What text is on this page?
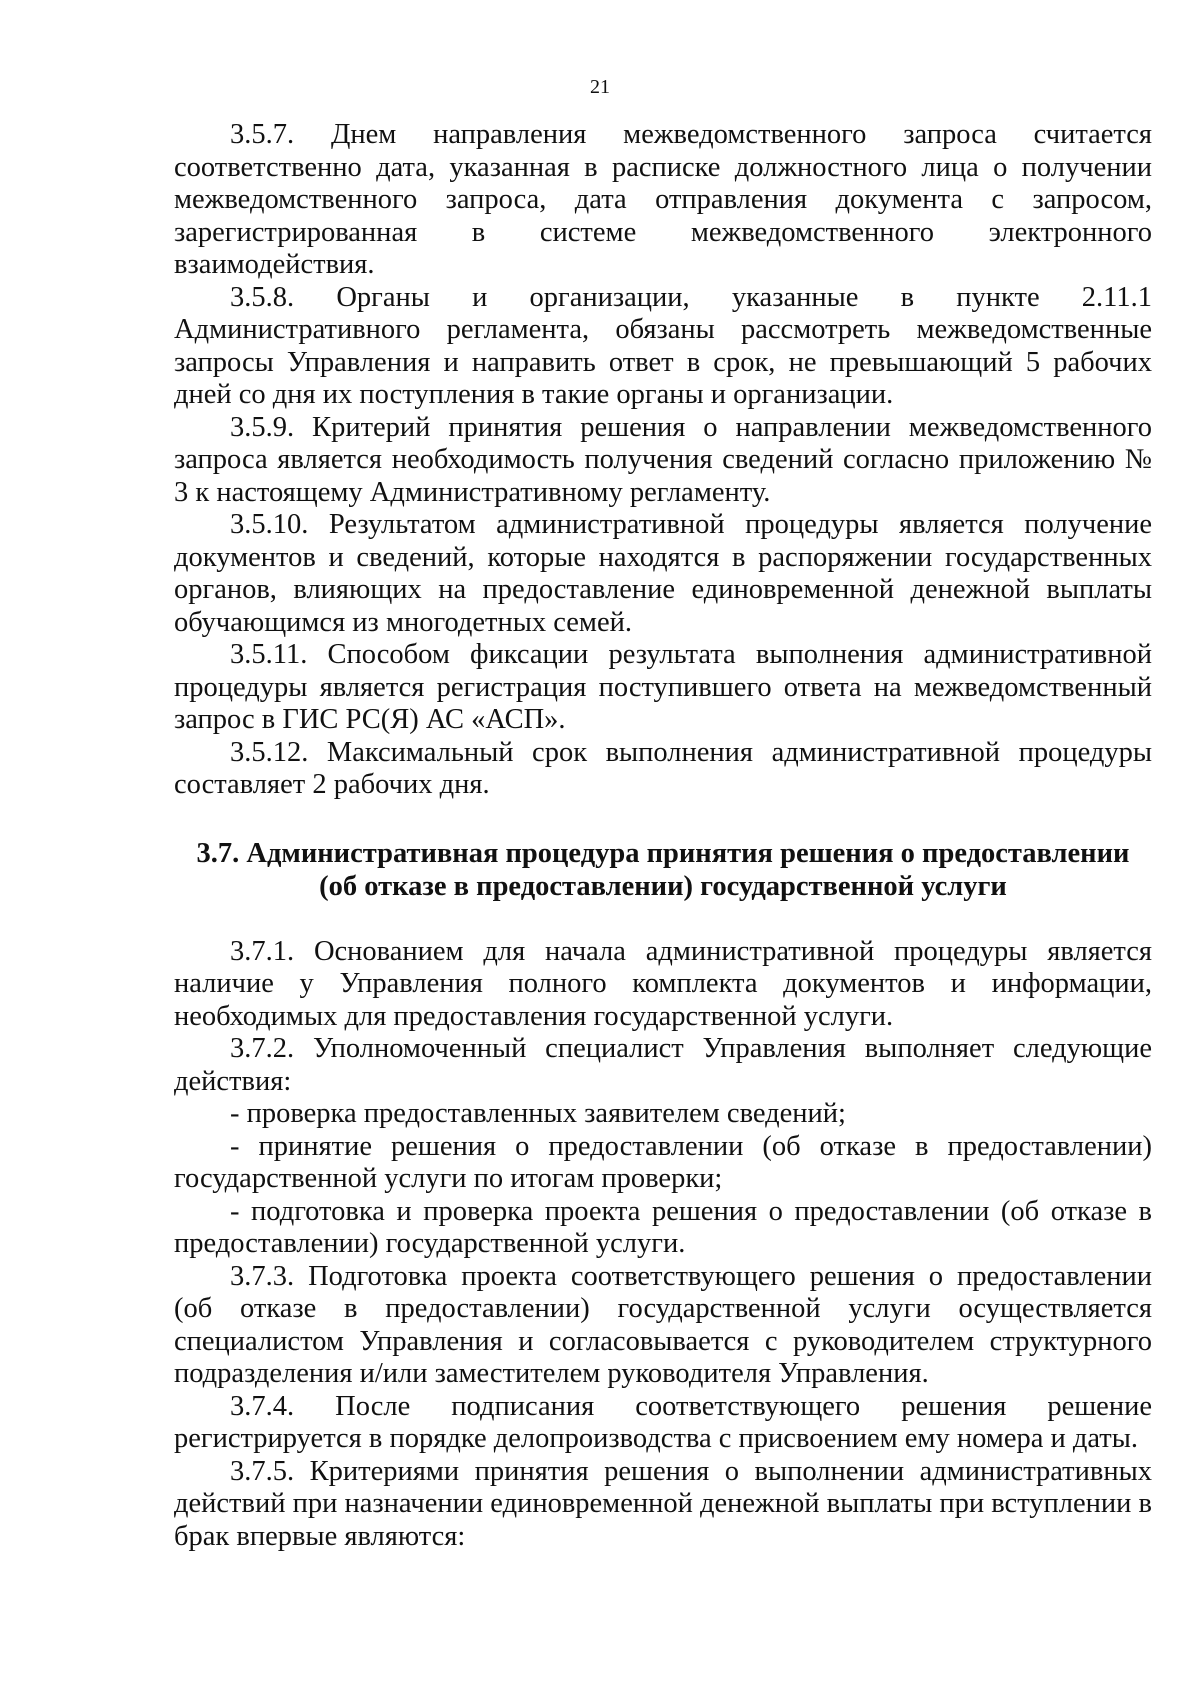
21

3.5.7. Днем направления межведомственного запроса считается соответственно дата, указанная в расписке должностного лица о получении межведомственного запроса, дата отправления документа с запросом, зарегистрированная в системе межведомственного электронного взаимодействия.

3.5.8. Органы и организации, указанные в пункте 2.11.1 Административного регламента, обязаны рассмотреть межведомственные запросы Управления и направить ответ в срок, не превышающий 5 рабочих дней со дня их поступления в такие органы и организации.

3.5.9. Критерий принятия решения о направлении межведомственного запроса является необходимость получения сведений согласно приложению № 3 к настоящему Административному регламенту.

3.5.10. Результатом административной процедуры является получение документов и сведений, которые находятся в распоряжении государственных органов, влияющих на предоставление единовременной денежной выплаты обучающимся из многодетных семей.

3.5.11. Способом фиксации результата выполнения административной процедуры является регистрация поступившего ответа на межведомственный запрос в ГИС РС(Я) АС «АСП».

3.5.12. Максимальный срок выполнения административной процедуры составляет 2 рабочих дня.

3.7. Административная процедура принятия решения о предоставлении

(об отказе в предоставлении) государственной услуги

3.7.1. Основанием для начала административной процедуры является наличие у Управления полного комплекта документов и информации, необходимых для предоставления государственной услуги.

3.7.2. Уполномоченный специалист Управления выполняет следующие действия:

- проверка предоставленных заявителем сведений;

- принятие решения о предоставлении (об отказе в предоставлении) государственной услуги по итогам проверки;

- подготовка и проверка проекта решения о предоставлении (об отказе в предоставлении) государственной услуги.

3.7.3. Подготовка проекта соответствующего решения о предоставлении (об отказе в предоставлении) государственной услуги осуществляется специалистом Управления и согласовывается с руководителем структурного подразделения и/или заместителем руководителя Управления.

3.7.4. После подписания соответствующего решения решение регистрируется в порядке делопроизводства с присвоением ему номера и даты.

3.7.5. Критериями принятия решения о выполнении административных действий при назначении единовременной денежной выплаты при вступлении в брак впервые являются:
